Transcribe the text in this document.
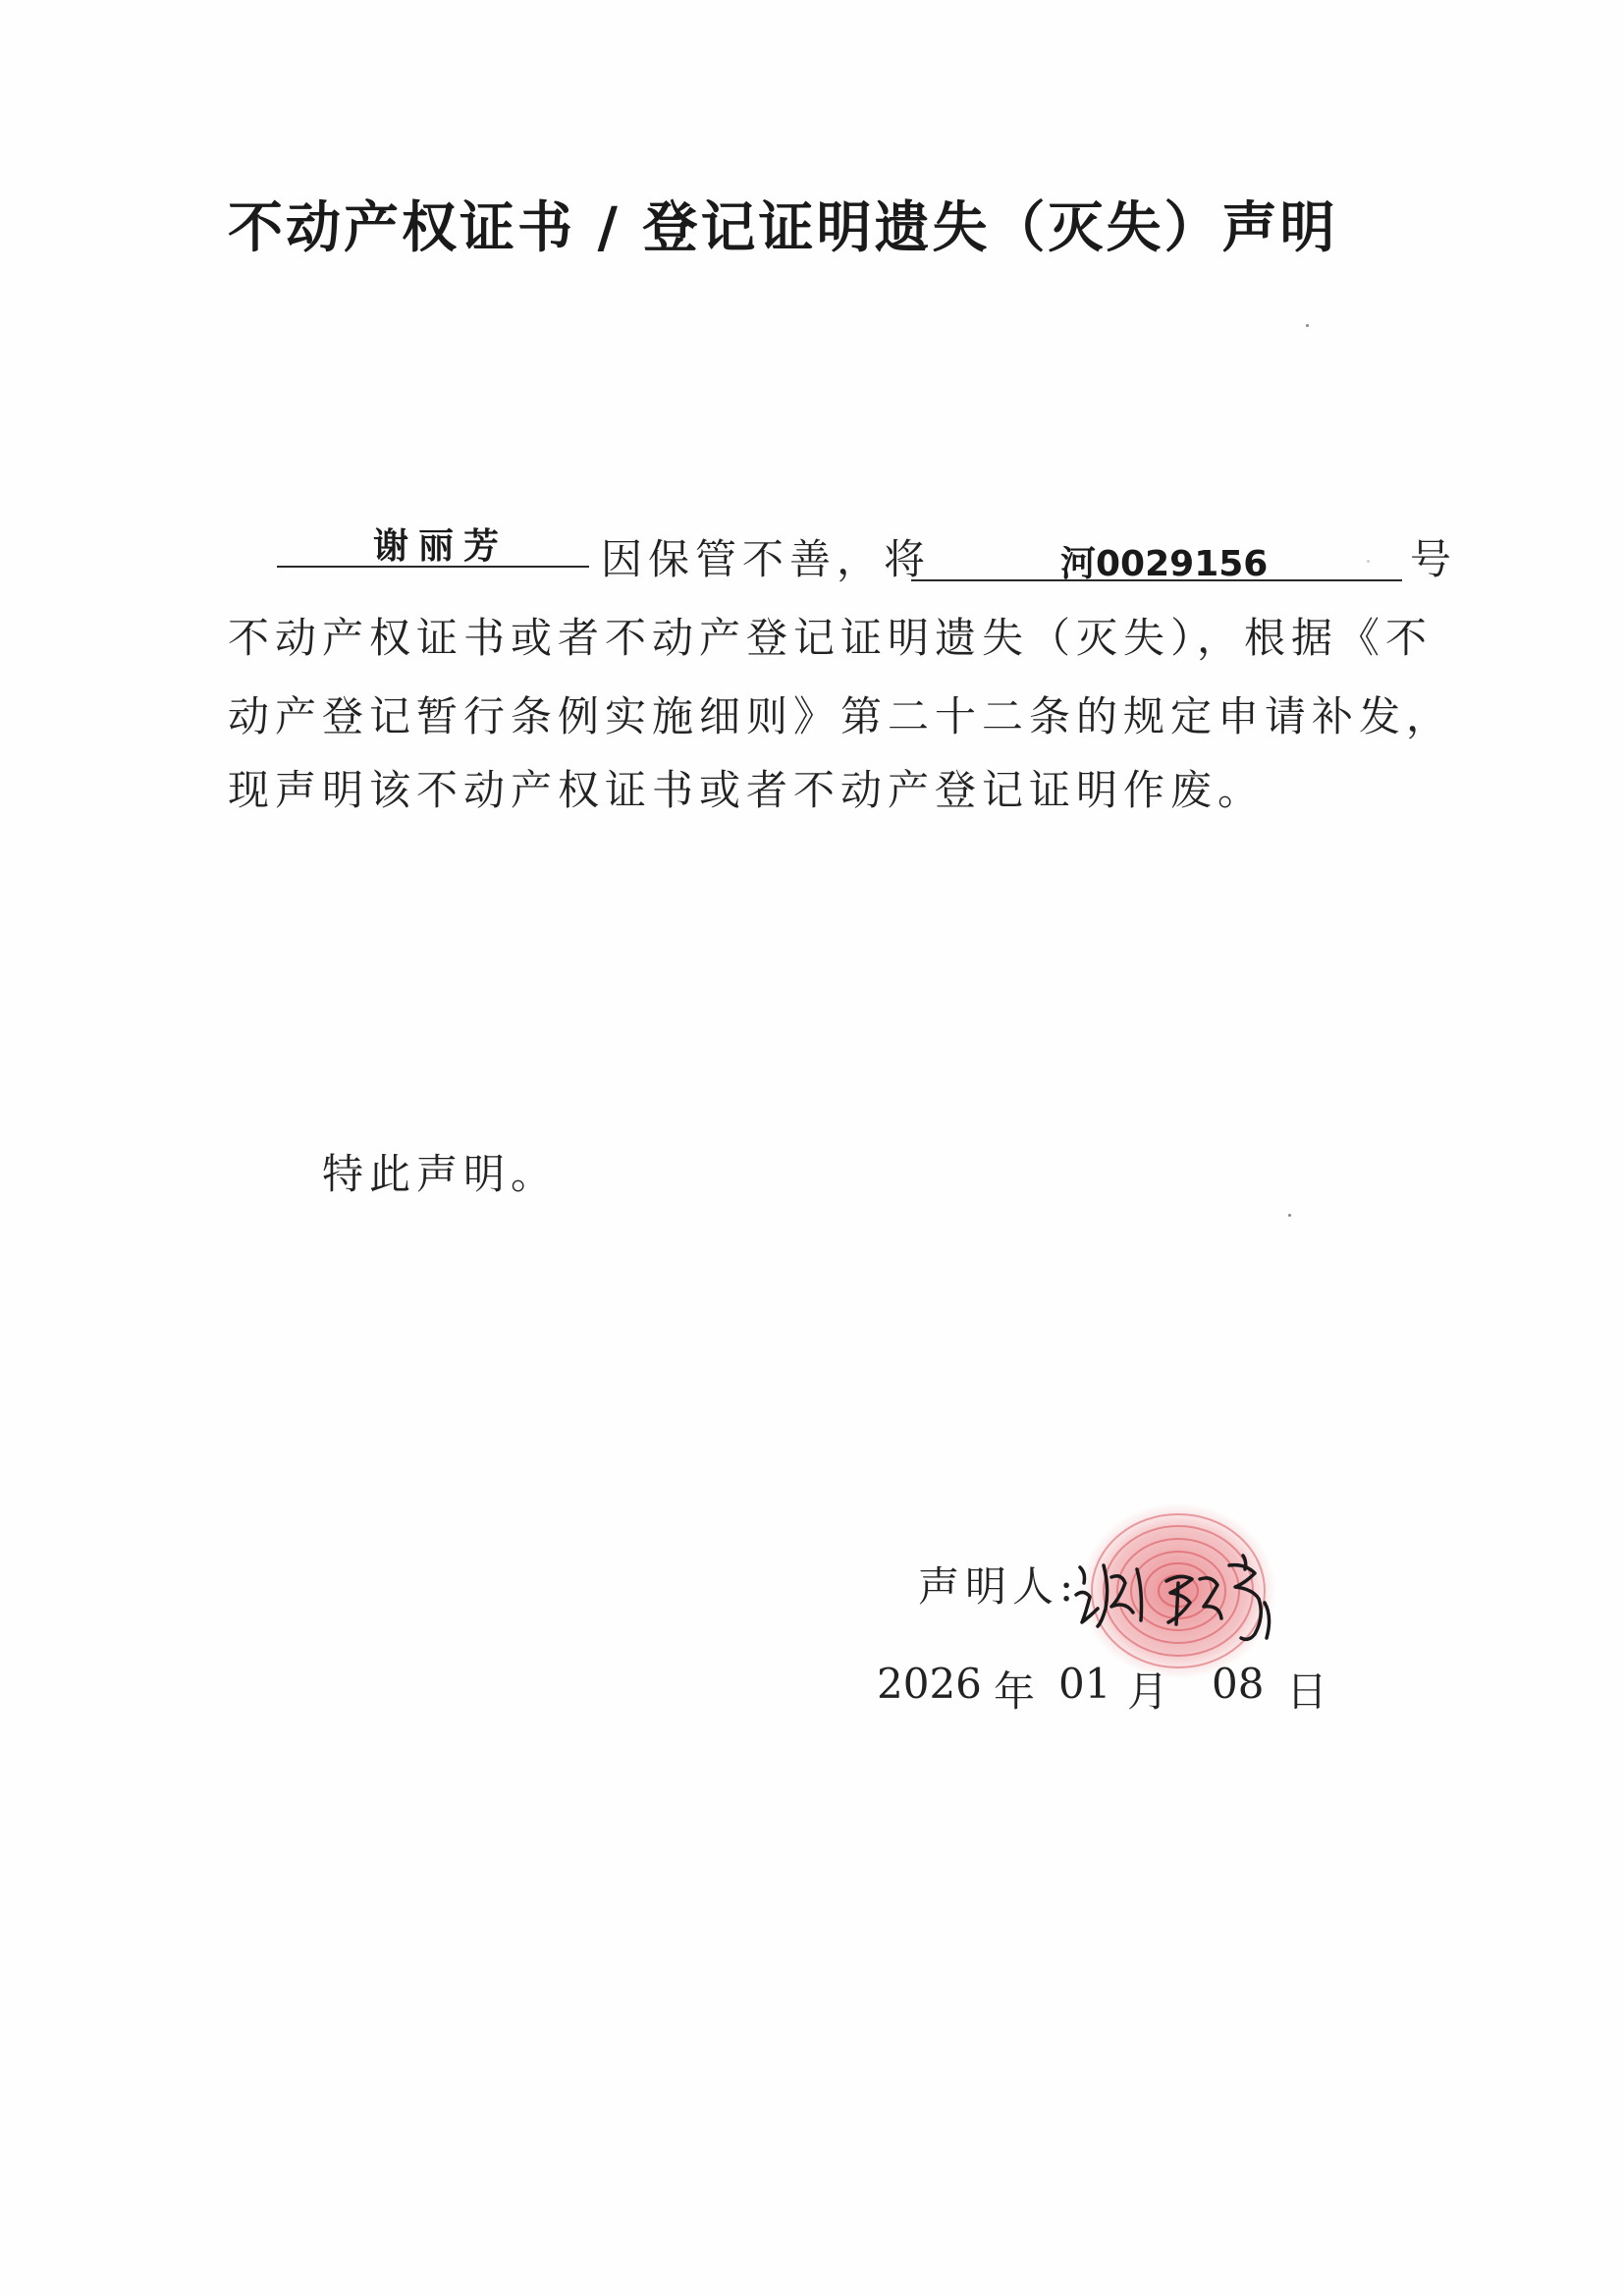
不动产权证书 / 登记证明遗失（灭失）声明
谢丽芳 因保管不善，将	河0029156	号
不动产权证书或者不动产登记证明遗失（灭失），根据《不
动产登记暂行条例实施细则》第二十二条的规定申请补发，
现声明该不动产权证书或者不动产登记证明作废。
特此声明。
声明人:
2026 年 01 月 08 日
